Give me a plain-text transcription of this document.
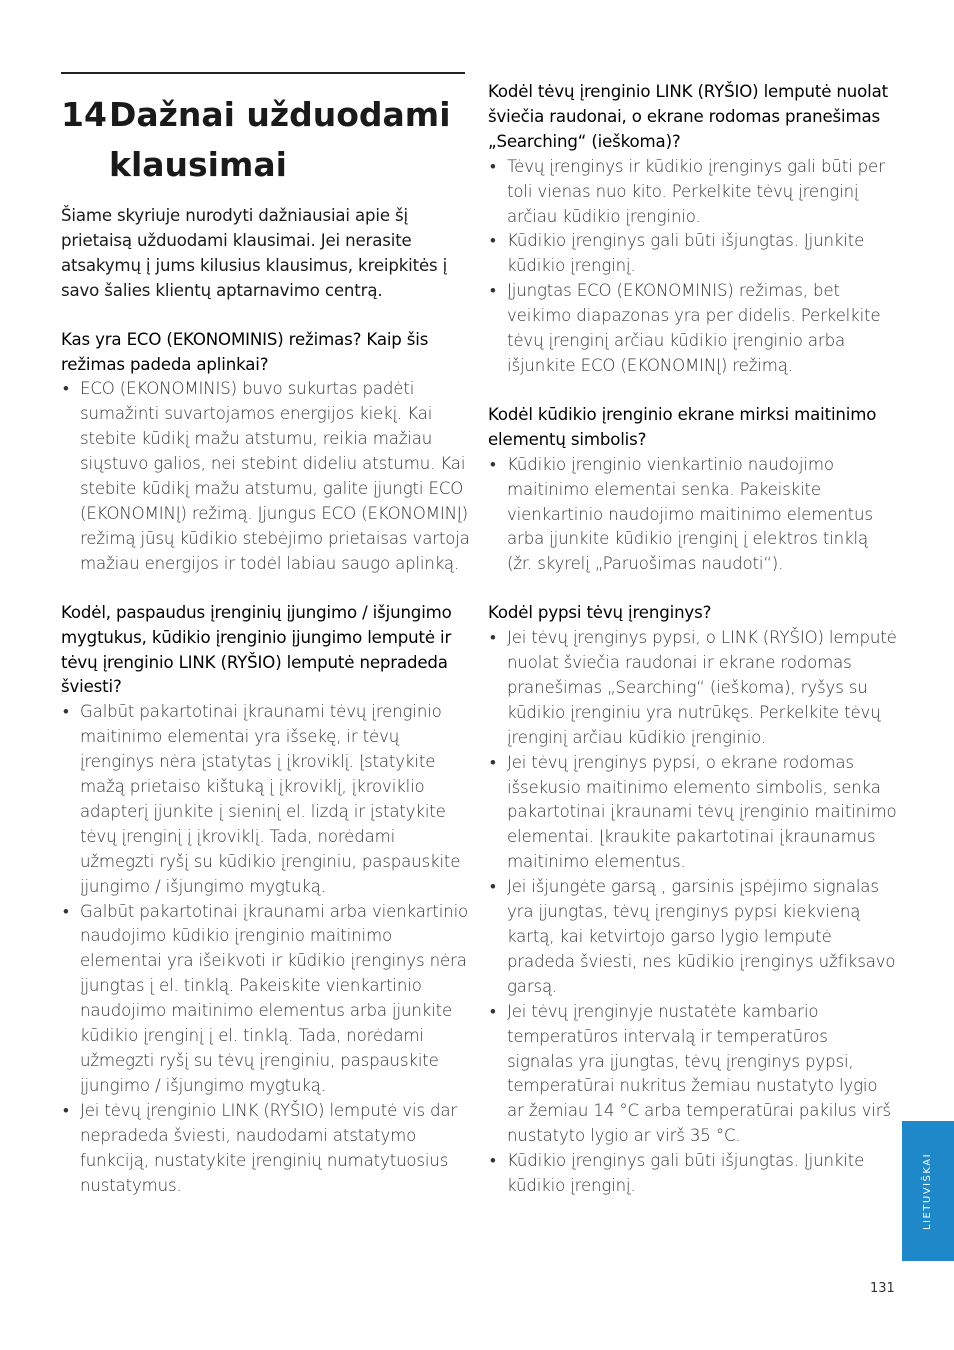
14Dažnai užduodami
klausimai

Šiame skyriuje nurodyti dažniausiai apie šį prietaisą užduodami klausimai. Jei nerasite atsakymų į jums kilusius klausimus, kreipkitės į savo šalies klientų aptarnavimo centrą.

Kas yra ECO (EKONOMINIS) režimas? Kaip šis režimas padeda aplinkai?

• ECO (EKONOMINIS) buvo sukurtas padėti sumažinti suvartojamos energijos kiekį. Kai stebite kūdikį mažu atstumu, reikia mažiau siųstuvo galios, nei stebint dideliu atstumu. Kai stebite kūdikį mažu atstumu, galite įjungti ECO (EKONOMINĮ) režimą. Įjungus ECO (EKONOMINĮ) režimą jūsų kūdikio stebėjimo prietaisas vartoja mažiau energijos ir todėl labiau saugo aplinką.

Kodėl, paspaudus įrenginių įjungimo / išjungimo mygtukus, kūdikio įrenginio įjungimo lemputė ir tėvų įrenginio LINK (RYŠIO) lemputė nepradeda šviesti?

• Galbūt pakartotinai įkraunami tėvų įrenginio maitinimo elementai yra išsekę, ir tėvų įrenginys nėra įstatytas į įkroviklį. Įstatykite mažą prietaiso kištuką į įkroviklį, įkroviklio adapterį įjunkite į sieninį el. lizdą ir įstatykite tėvų įrenginį į įkroviklį. Tada, norėdami užmegzti ryšį su kūdikio įrenginiu, paspauskite įjungimo / išjungimo mygtuką.
• Galbūt pakartotinai įkraunami arba vienkartinio naudojimo kūdikio įrenginio maitinimo elementai yra išeikvoti ir kūdikio įrenginys nėra įjungtas į el. tinklą. Pakeiskite vienkartinio naudojimo maitinimo elementus arba įjunkite kūdikio įrenginį į el. tinklą. Tada, norėdami užmegzti ryšį su tėvų įrenginiu, paspauskite įjungimo / išjungimo mygtuką.
• Jei tėvų įrenginio LINK (RYŠIO) lemputė vis dar nepradeda šviesti, naudodami atstatymo funkciją, nustatykite įrenginių numatytuosius nustatymus.

Kodėl tėvų įrenginio LINK (RYŠIO) lemputė nuolat šviečia raudonai, o ekrane rodomas pranešimas „Searching“ (ieškoma)?

• Tėvų įrenginys ir kūdikio įrenginys gali būti per toli vienas nuo kito. Perkelkite tėvų įrenginį arčiau kūdikio įrenginio.
• Kūdikio įrenginys gali būti išjungtas. Įjunkite kūdikio įrenginį.
• Įjungtas ECO (EKONOMINIS) režimas, bet veikimo diapazonas yra per didelis. Perkelkite tėvų įrenginį arčiau kūdikio įrenginio arba išjunkite ECO (EKONOMINĮ) režimą.

Kodėl kūdikio įrenginio ekrane mirksi maitinimo elementų simbolis?

• Kūdikio įrenginio vienkartinio naudojimo maitinimo elementai senka. Pakeiskite vienkartinio naudojimo maitinimo elementus arba įjunkite kūdikio įrenginį į elektros tinklą (žr. skyrelį „Paruošimas naudoti“).

Kodėl pypsi tėvų įrenginys?

• Jei tėvų įrenginys pypsi, o LINK (RYŠIO) lemputė nuolat šviečia raudonai ir ekrane rodomas pranešimas „Searching“ (ieškoma), ryšys su kūdikio įrenginiu yra nutrūkęs. Perkelkite tėvų įrenginį arčiau kūdikio įrenginio.
• Jei tėvų įrenginys pypsi, o ekrane rodomas išsekusio maitinimo elemento simbolis, senka pakartotinai įkraunami tėvų įrenginio maitinimo elementai. Įkraukite pakartotinai įkraunamus maitinimo elementus.
• Jei išjungėte garsą , garsinis įspėjimo signalas yra įjungtas, tėvų įrenginys pypsi kiekvieną kartą, kai ketvirtojo garso lygio lemputė pradeda šviesti, nes kūdikio įrenginys užfiksavo garsą.
• Jei tėvų įrenginyje nustatėte kambario temperatūros intervalą ir temperatūros signalas yra įjungtas, tėvų įrenginys pypsi, temperatūrai nukritus žemiau nustatyto lygio ar žemiau 14 °C arba temperatūrai pakilus virš nustatyto lygio ar virš 35 °C.
• Kūdikio įrenginys gali būti išjungtas. Įjunkite kūdikio įrenginį.	LIETUVIŠKAI
131
